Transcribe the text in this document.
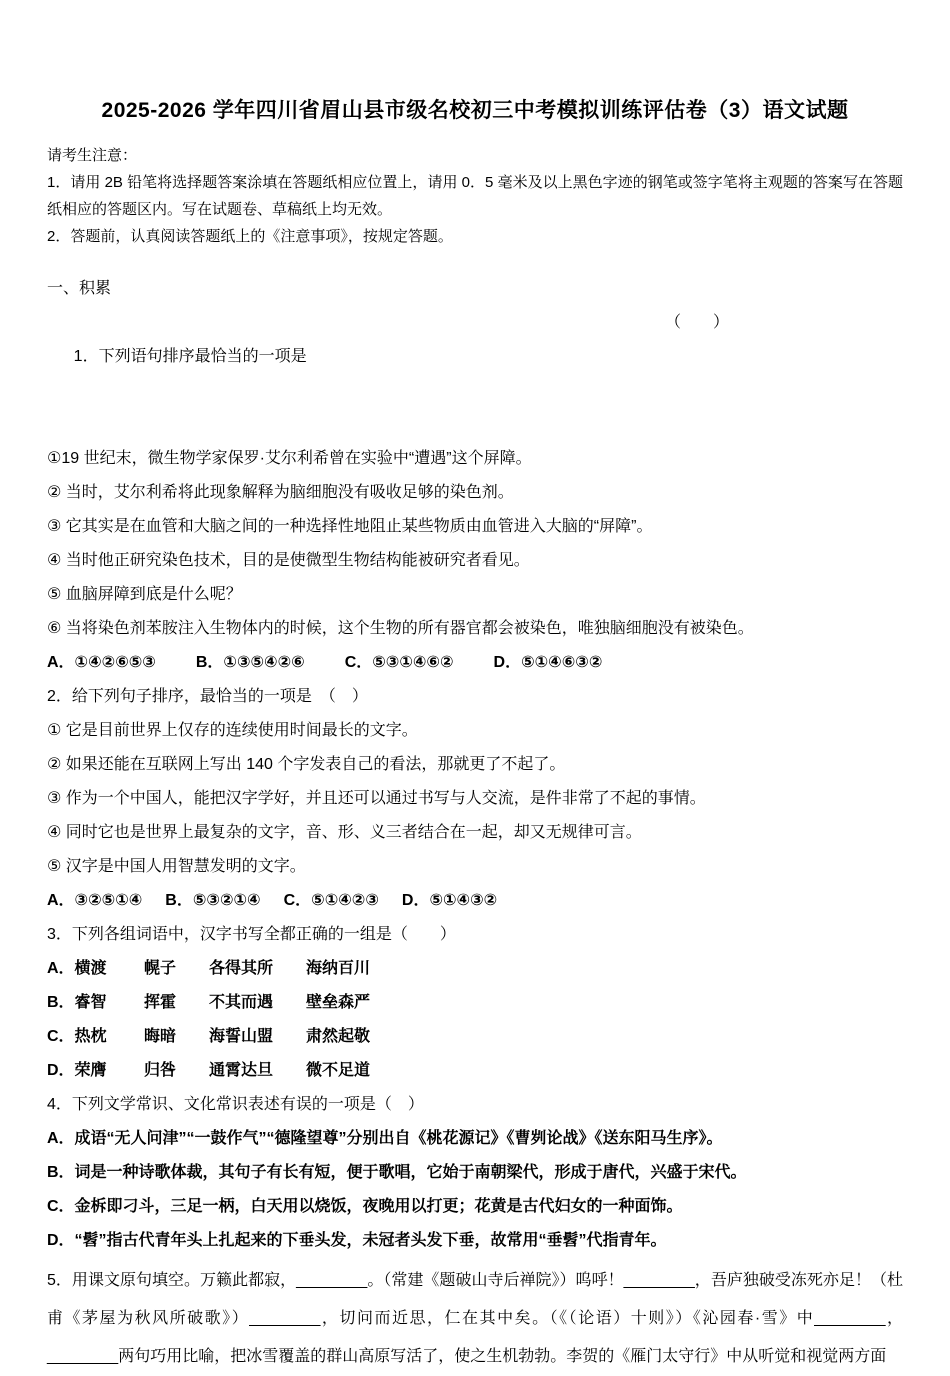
2025-2026 学年四川省眉山县市级名校初三中考模拟训练评估卷（3）语文试题

请考生注意：

1．请用 2B 铅笔将选择题答案涂填在答题纸相应位置上，请用 0．5 毫米及以上黑色字迹的钢笔或签字笔将主观题的答案写在答题纸相应的答题区内。写在试题卷、草稿纸上均无效。

2．答题前，认真阅读答题纸上的《注意事项》，按规定答题。

一、积累

1．下列语句排序最恰当的一项是

（　　）

①19 世纪末，微生物学家保罗·艾尔利希曾在实验中“遭遇”这个屏障。

② 当时，艾尔利希将此现象解释为脑细胞没有吸收足够的染色剂。

③ 它其实是在血管和大脑之间的一种选择性地阻止某些物质由血管进入大脑的“屏障”。

④ 当时他正研究染色技术，目的是使微型生物结构能被研究者看见。

⑤ 血脑屏障到底是什么呢？

⑥ 当将染色剂苯胺注入生物体内的时候，这个生物的所有器官都会被染色，唯独脑细胞没有被染色。

A．①④②⑥⑤③	B．①③⑤④②⑥	C．⑤③①④⑥②	D．⑤①④⑥③②

2．给下列句子排序，最恰当的一项是　（　）

① 它是目前世界上仅存的连续使用时间最长的文字。

② 如果还能在互联网上写出 140 个字发表自己的看法，那就更了不起了。

③ 作为一个中国人，能把汉字学好，并且还可以通过书写与人交流，是件非常了不起的事情。

④ 同时它也是世界上最复杂的文字，音、形、义三者结合在一起，却又无规律可言。

⑤ 汉字是中国人用智慧发明的文字。

A．③②⑤①④ B．⑤③②①④ C．⑤①④②③ D．⑤①④③②

3．下列各组词语中，汉字书写全都正确的一组是（　　）

A．横渡	幌子	各得其所	海纳百川
B．睿智	挥霍	不其而遇	壁垒森严
C．热枕	晦暗	海誓山盟	肃然起敬
D．荣膺	归咎	通霄达旦	微不足道

4．下列文学常识、文化常识表述有误的一项是（　）

A．成语“无人问津”“一鼓作气”“德隆望尊”分别出自《桃花源记》《曹刿论战》《送东阳马生序》。

B．词是一种诗歌体裁，其句子有长有短，便于歌唱，它始于南朝梁代，形成于唐代，兴盛于宋代。

C．金柝即刁斗，三足一柄，白天用以烧饭，夜晚用以打更；花黄是古代妇女的一种面饰。

D．“髫”指古代青年头上扎起来的下垂头发，未冠者头发下垂，故常用“垂髫”代指青年。

5．用课文原句填空。万籁此都寂，________。（常建《题破山寺后禅院》）呜呼！________，吾庐独破受冻死亦足！（杜甫《茅屋为秋风所破歌》）________，切问而近思，仁在其中矣。（《（论语）十则》）《沁园春·雪》中________，________两句巧用比喻，把冰雪覆盖的群山高原写活了，使之生机勃勃。李贺的《雁门太守行》中从听觉和视觉两方面
